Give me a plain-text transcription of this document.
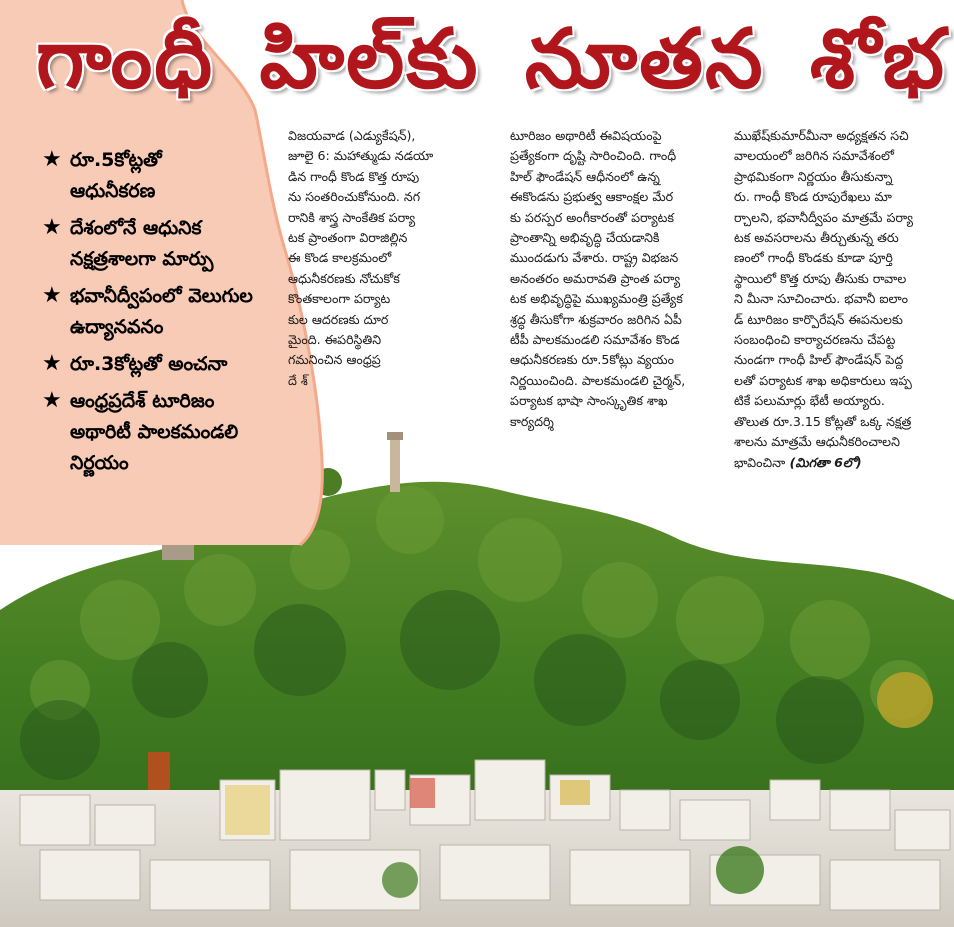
గాంధీ హిల్‌కు నూతన శోభ
★ రూ.5కోట్లతో
ఆధునీకరణ
★ దేశంలోనే ఆధునిక
నక్షత్రశాలగా మార్పు
★ భవానీద్వీపంలో వెలుగుల
ఉద్యానవనం
★ రూ.3కోట్లతో అంచనా
★ ఆంధ్రప్రదేశ్ టూరిజం
అథారిటీ పాలకమండలి
నిర్ణయం
విజయవాడ (ఎడ్యుకేషన్),
జూలై 6: మహాత్ముడు నడయా
డిన గాంధీ కొండ కొత్త రూపు
ను సంతరించుకోనుంది. నగ
రానికి శాస్త్ర సాంకేతిక పర్యా
టక ప్రాంతంగా విరాజిల్లిన
ఈ కొండ కాలక్రమంలో
ఆధునీకరణకు నోచుకోక
కొంతకాలంగా పర్యాట
కుల ఆదరణకు దూర
మైంది. ఈపరిస్థితిని
గమనించిన ఆంధ్రప్ర
దే శ్
టూరిజం అథారిటీ ఈవిషయంపై
ప్రత్యేకంగా దృష్టి సారించింది. గాంధీ
హిల్ ఫౌండేషన్ ఆధీనంలో ఉన్న
ఈకొండను ప్రభుత్వ ఆకాంక్షల మేర
కు పరస్పర అంగీకారంతో పర్యాటక
ప్రాంతాన్ని అభివృద్ధి చేయడానికి
ముందడుగు వేశారు. రాష్ట్ర విభజన
అనంతరం అమరావతి ప్రాంత పర్యా
టక అభివృద్ధిపై ముఖ్యమంత్రి ప్రత్యేక
శ్రద్ధ తీసుకోగా శుక్రవారం జరిగిన ఏపీ
టీపీ పాలకమండలి సమావేశం కొండ
ఆధునీకరణకు రూ.5కోట్లు వ్యయం
నిర్ణయించింది. పాలకమండలి చైర్మన్,
పర్యాటక భాషా సాంస్కృతిక శాఖ
కార్యదర్శి
ముఖేష్‌కుమార్‌మీనా అధ్యక్షతన సచి
వాలయంలో జరిగిన సమావేశంలో
ప్రాథమికంగా నిర్ణయం తీసుకున్నా
రు. గాంధీ కొండ రూపురేఖలు మా
ర్చాలని, భవానీద్వీపం మాత్రమే పర్యా
టక అవసరాలను తీర్చుతున్న తరు
ణంలో గాంధీ కొండకు కూడా పూర్తి
స్థాయిలో కొత్త రూపు తీసుకు రావాల
ని మీనా సూచించారు. భవానీ ఐలాం
డ్ టూరిజం కార్పొరేషన్ ఈపనులకు
సంబంధించి కార్యాచరణను చేపట్ట
నుండగా గాంధీ హిల్ ఫౌండేషన్ పెద్ద
లతో పర్యాటక శాఖ అధికారులు ఇప్ప
టికే పలుమార్లు భేటీ అయ్యారు.
తొలుత రూ.3.15 కోట్లతో ఒక్క నక్షత్ర
శాలను మాత్రమే ఆధునీకరించాలని
భావించినా (మిగతా 6లో)
